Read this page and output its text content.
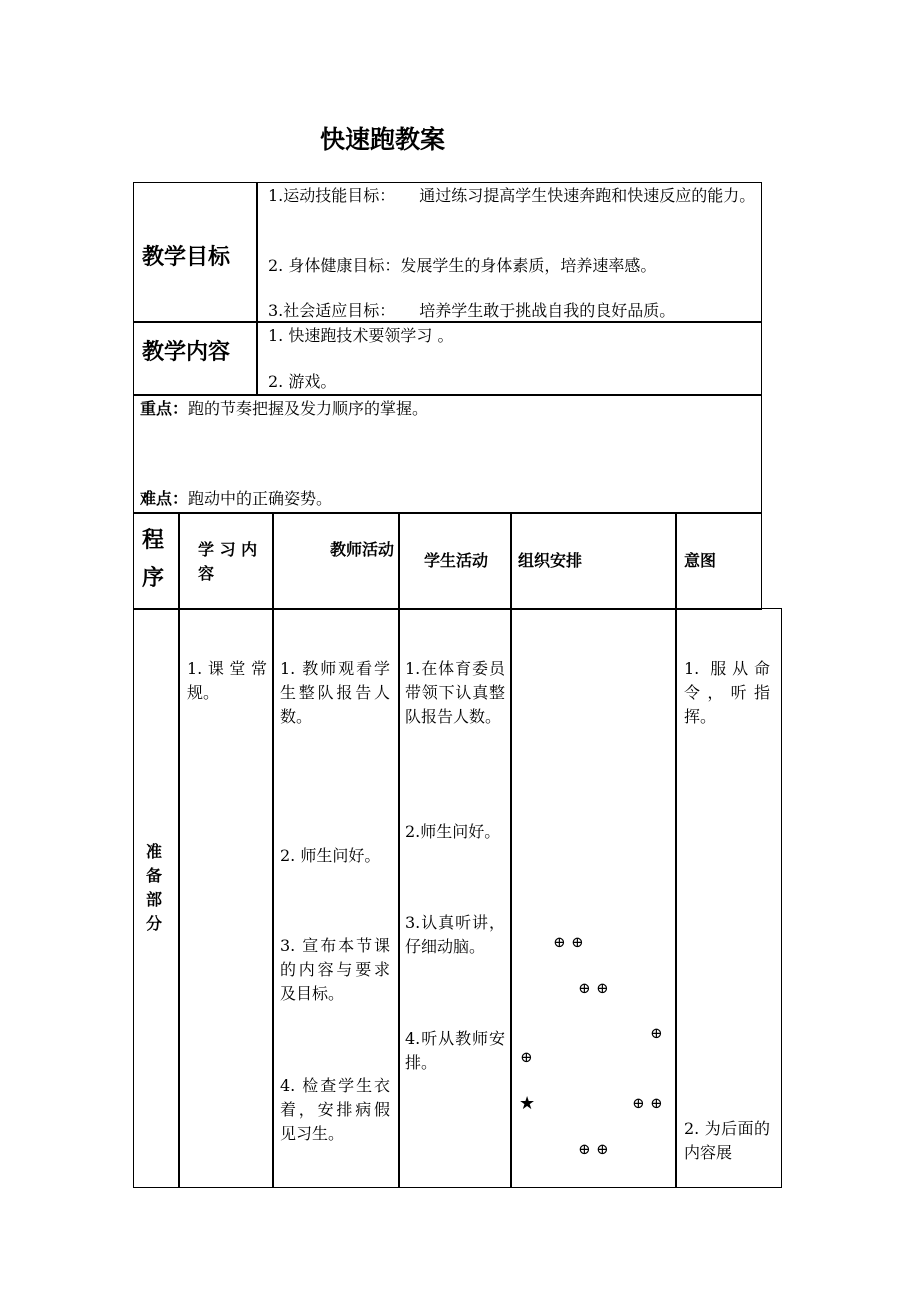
快速跑教案
教学目标
1.运动技能目标：　　通过练习提高学生快速奔跑和快速反应的能力。
2. 身体健康目标：发展学生的身体素质，培养速率感。
3.社会适应目标：　　培养学生敢于挑战自我的良好品质。
教学内容
1. 快速跑技术要领学习 。
2. 游戏。
重点：跑的节奏把握及发力顺序的掌握。
难点：跑动中的正确姿势。
程序
学 习 内 容
教师活动
学生活动 组织安排	意图
准备部分
1.课堂常规。
1. 教师观看学生整队报告人数。
2. 师生问好。
3. 宣布本节课的内容与要求及目标。
4. 检查学生衣着，安排病假见习生。
1.在体育委员带领下认真整队报告人数。
2.师生问好。
3.认真听讲，仔细动脑。
4.听从教师安排。
⊕ ⊕
⊕ ⊕
⊕
⊕
★	⊕ ⊕
⊕ ⊕
1. 服从命令，听指挥。
2. 为后面的内容展
